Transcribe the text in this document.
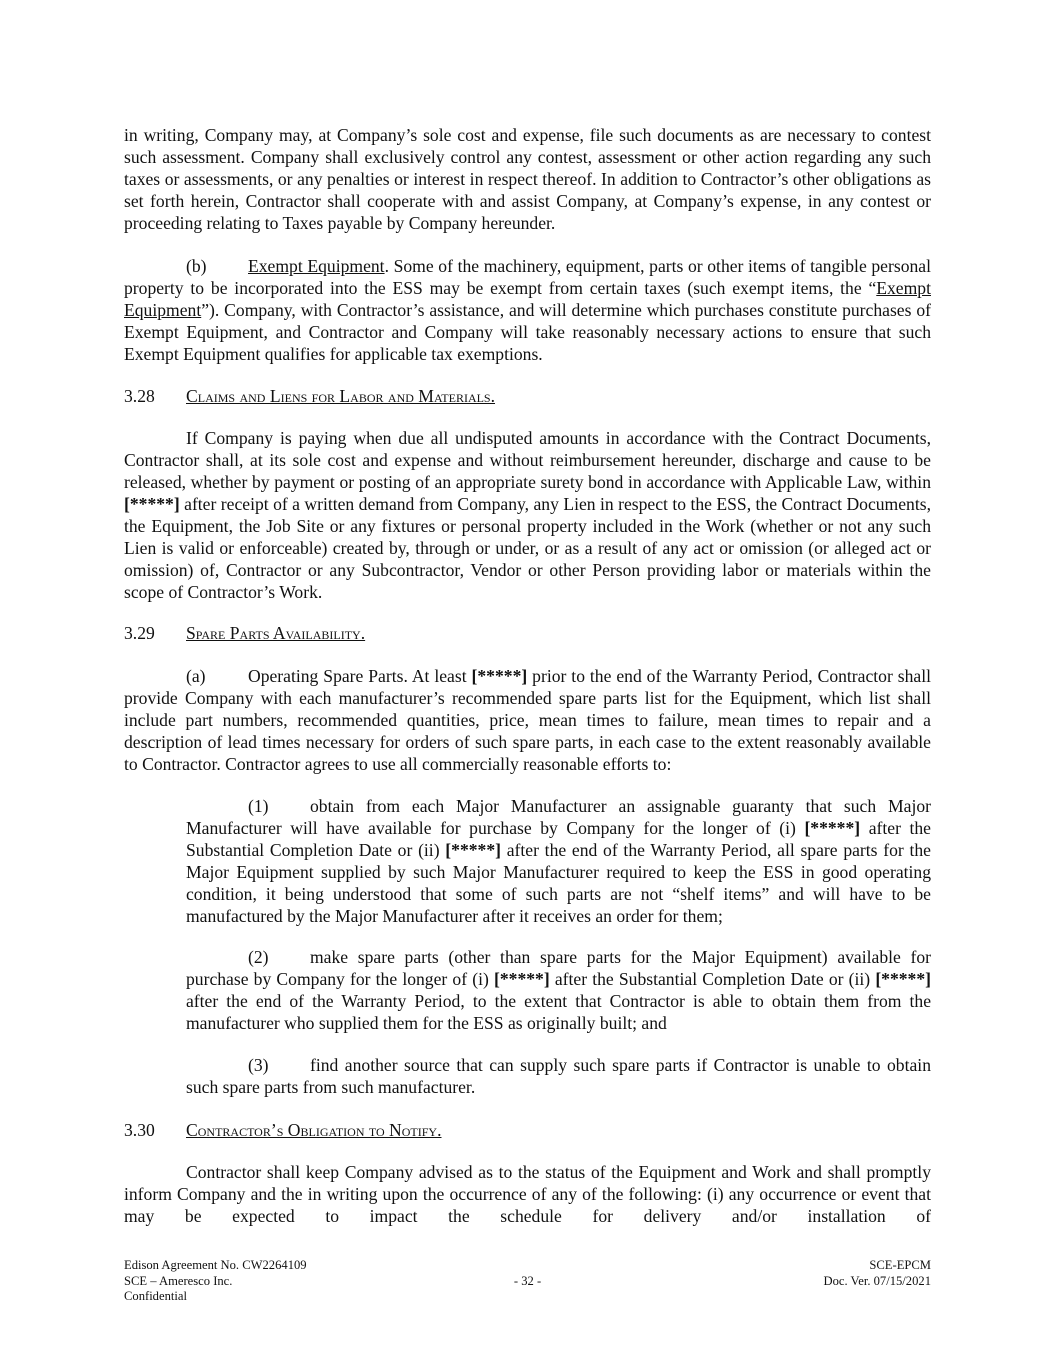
in writing, Company may, at Company’s sole cost and expense, file such documents as are necessary to contest such assessment. Company shall exclusively control any contest, assessment or other action regarding any such taxes or assessments, or any penalties or interest in respect thereof. In addition to Contractor’s other obligations as set forth herein, Contractor shall cooperate with and assist Company, at Company’s expense, in any contest or proceeding relating to Taxes payable by Company hereunder.
(b) Exempt Equipment. Some of the machinery, equipment, parts or other items of tangible personal property to be incorporated into the ESS may be exempt from certain taxes (such exempt items, the “Exempt Equipment”). Company, with Contractor’s assistance, and will determine which purchases constitute purchases of Exempt Equipment, and Contractor and Company will take reasonably necessary actions to ensure that such Exempt Equipment qualifies for applicable tax exemptions.
3.28 Claims and Liens for Labor and Materials.
If Company is paying when due all undisputed amounts in accordance with the Contract Documents, Contractor shall, at its sole cost and expense and without reimbursement hereunder, discharge and cause to be released, whether by payment or posting of an appropriate surety bond in accordance with Applicable Law, within [*****] after receipt of a written demand from Company, any Lien in respect to the ESS, the Contract Documents, the Equipment, the Job Site or any fixtures or personal property included in the Work (whether or not any such Lien is valid or enforceable) created by, through or under, or as a result of any act or omission (or alleged act or omission) of, Contractor or any Subcontractor, Vendor or other Person providing labor or materials within the scope of Contractor’s Work.
3.29 Spare Parts Availability.
(a) Operating Spare Parts. At least [*****] prior to the end of the Warranty Period, Contractor shall provide Company with each manufacturer’s recommended spare parts list for the Equipment, which list shall include part numbers, recommended quantities, price, mean times to failure, mean times to repair and a description of lead times necessary for orders of such spare parts, in each case to the extent reasonably available to Contractor. Contractor agrees to use all commercially reasonable efforts to:
(1) obtain from each Major Manufacturer an assignable guaranty that such Major Manufacturer will have available for purchase by Company for the longer of (i) [*****] after the Substantial Completion Date or (ii) [*****] after the end of the Warranty Period, all spare parts for the Major Equipment supplied by such Major Manufacturer required to keep the ESS in good operating condition, it being understood that some of such parts are not “shelf items” and will have to be manufactured by the Major Manufacturer after it receives an order for them;
(2) make spare parts (other than spare parts for the Major Equipment) available for purchase by Company for the longer of (i) [*****] after the Substantial Completion Date or (ii) [*****] after the end of the Warranty Period, to the extent that Contractor is able to obtain them from the manufacturer who supplied them for the ESS as originally built; and
(3) find another source that can supply such spare parts if Contractor is unable to obtain such spare parts from such manufacturer.
3.30 Contractor’s Obligation to Notify.
Contractor shall keep Company advised as to the status of the Equipment and Work and shall promptly inform Company and the in writing upon the occurrence of any of the following: (i) any occurrence or event that may be expected to impact the schedule for delivery and/or installation of
Edison Agreement No. CW2264109
SCE – Ameresco Inc.
Confidential
- 32 -
SCE-EPCM
Doc. Ver. 07/15/2021
